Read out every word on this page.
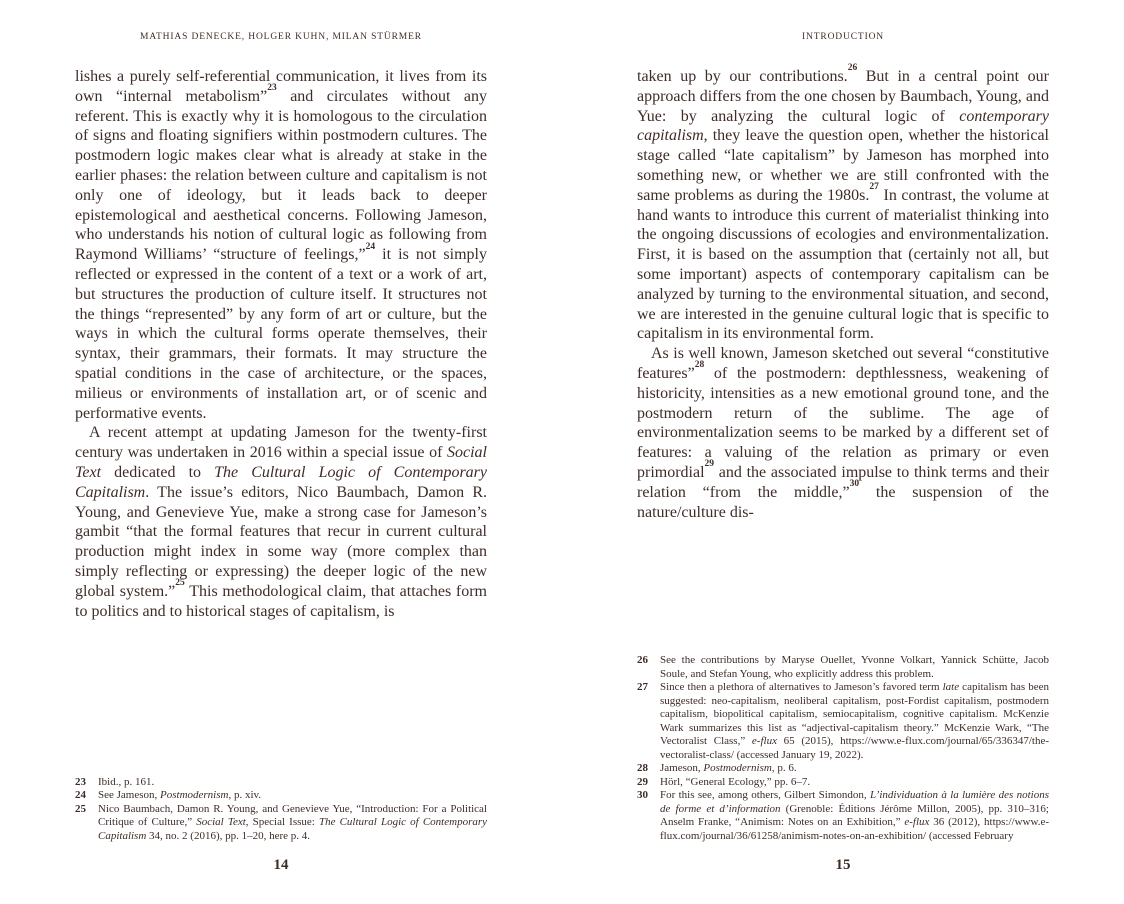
MATHIAS DENECKE, HOLGER KUHN, MILAN STÜRMER

lishes a purely self-referential communication, it lives from its own “internal metabolism”$^{23}$ and circulates without any referent. This is exactly why it is homologous to the circulation of signs and floating signifiers within postmodern cultures. The postmodern logic makes clear what is already at stake in the earlier phases: the relation between culture and capitalism is not only one of ideology, but it leads back to deeper epistemological and aesthetical concerns. Following Jameson, who understands his notion of cultural logic as following from Raymond Williams’ “structure of feelings,”$^{24}$ it is not simply reflected or expressed in the content of a text or a work of art, but structures the production of culture itself. It structures not the things “represented” by any form of art or culture, but the ways in which the cultural forms operate themselves, their syntax, their grammars, their formats. It may structure the spatial conditions in the case of architecture, or the spaces, milieus or environments of installation art, or of scenic and performative events.

A recent attempt at updating Jameson for the twenty-first century was undertaken in 2016 within a special issue of Social Text dedicated to The Cultural Logic of Contemporary Capitalism. The issue’s editors, Nico Baumbach, Damon R. Young, and Genevieve Yue, make a strong case for Jameson’s gambit “that the formal features that recur in current cultural production might index in some way (more complex than simply reflecting or expressing) the deeper logic of the new global system.”$^{25}$ This methodological claim, that attaches form to politics and to historical stages of capitalism, is

23	Ibid., p. 161.
24	See Jameson, Postmodernism, p. xiv.
25	Nico Baumbach, Damon R. Young, and Genevieve Yue, “Introduction: For a Political Critique of Culture,” Social Text, Special Issue: The Cultural Logic of Contemporary Capitalism 34, no. 2 (2016), pp. 1–20, here p. 4.
14
INTRODUCTION

taken up by our contributions.$^{26}$ But in a central point our approach differs from the one chosen by Baumbach, Young, and Yue: by analyzing the cultural logic of contemporary capitalism, they leave the question open, whether the historical stage called “late capitalism” by Jameson has morphed into something new, or whether we are still confronted with the same problems as during the 1980s.$^{27}$ In contrast, the volume at hand wants to introduce this current of materialist thinking into the ongoing discussions of ecologies and environmentalization. First, it is based on the assumption that (certainly not all, but some important) aspects of contemporary capitalism can be analyzed by turning to the environmental situation, and second, we are interested in the genuine cultural logic that is specific to capitalism in its environmental form.

As is well known, Jameson sketched out several “constitutive features”$^{28}$ of the postmodern: depthlessness, weakening of historicity, intensities as a new emotional ground tone, and the postmodern return of the sublime. The age of environmentalization seems to be marked by a different set of features: a valuing of the relation as primary or even primordial$^{29}$ and the associated impulse to think terms and their relation “from the middle,”$^{30}$ the suspension of the nature/culture dis-

26	See the contributions by Maryse Ouellet, Yvonne Volkart, Yannick Schütte, Jacob Soule, and Stefan Young, who explicitly address this problem.
27	Since then a plethora of alternatives to Jameson’s favored term late capitalism has been suggested: neo-capitalism, neoliberal capitalism, post-Fordist capitalism, postmodern capitalism, biopolitical capitalism, semiocapitalism, cognitive capitalism. McKenzie Wark summarizes this list as “adjectival-capitalism theory.” McKenzie Wark, “The Vectoralist Class,” e-flux 65 (2015), https://www.e-flux.com/journal/65/336347/the-vectoralist-class/ (accessed January 19, 2022).
28	Jameson, Postmodernism, p. 6.
29	Hörl, “General Ecology,” pp. 6–7.
30	For this see, among others, Gilbert Simondon, L’individuation à la lumière des notions de forme et d’information (Grenoble: Éditions Jérôme Millon, 2005), pp. 310–316; Anselm Franke, “Animism: Notes on an Exhibition,” e-flux 36 (2012), https://www.e-flux.com/journal/36/61258/animism-notes-on-an-exhibition/ (accessed February
15
